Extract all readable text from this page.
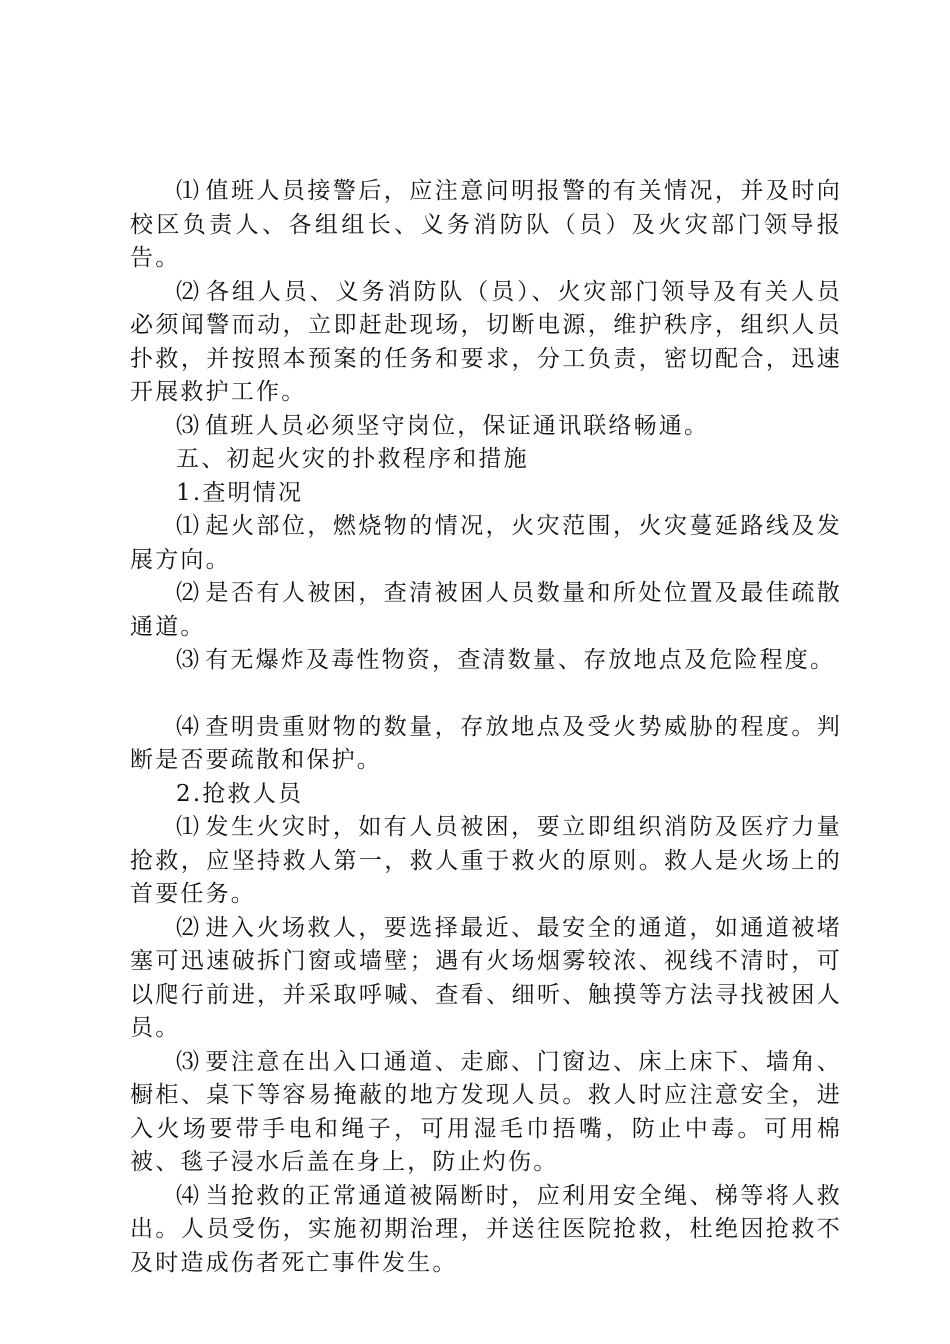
⑴ 值班人员接警后，应注意问明报警的有关情况，并及时向校区负责人、各组组长、义务消防队（员）及火灾部门领导报告。

⑵ 各组人员、义务消防队（员）、火灾部门领导及有关人员必须闻警而动，立即赶赴现场，切断电源，维护秩序，组织人员扑救，并按照本预案的任务和要求，分工负责，密切配合，迅速开展救护工作。

⑶ 值班人员必须坚守岗位，保证通讯联络畅通。

五、初起火灾的扑救程序和措施

1.查明情况

⑴ 起火部位，燃烧物的情况，火灾范围，火灾蔓延路线及发展方向。

⑵ 是否有人被困，查清被困人员数量和所处位置及最佳疏散通道。

⑶ 有无爆炸及毒性物资，查清数量、存放地点及危险程度。

⑷ 查明贵重财物的数量，存放地点及受火势威胁的程度。判断是否要疏散和保护。

2.抢救人员

⑴ 发生火灾时，如有人员被困，要立即组织消防及医疗力量抢救，应坚持救人第一，救人重于救火的原则。救人是火场上的首要任务。

⑵ 进入火场救人，要选择最近、最安全的通道，如通道被堵塞可迅速破拆门窗或墙壁；遇有火场烟雾较浓、视线不清时，可以爬行前进，并采取呼喊、查看、细听、触摸等方法寻找被困人员。

⑶ 要注意在出入口通道、走廊、门窗边、床上床下、墙角、橱柜、桌下等容易掩蔽的地方发现人员。救人时应注意安全，进入火场要带手电和绳子，可用湿毛巾捂嘴，防止中毒。可用棉被、毯子浸水后盖在身上，防止灼伤。

⑷ 当抢救的正常通道被隔断时，应利用安全绳、梯等将人救出。人员受伤，实施初期治理，并送往医院抢救，杜绝因抢救不及时造成伤者死亡事件发生。
